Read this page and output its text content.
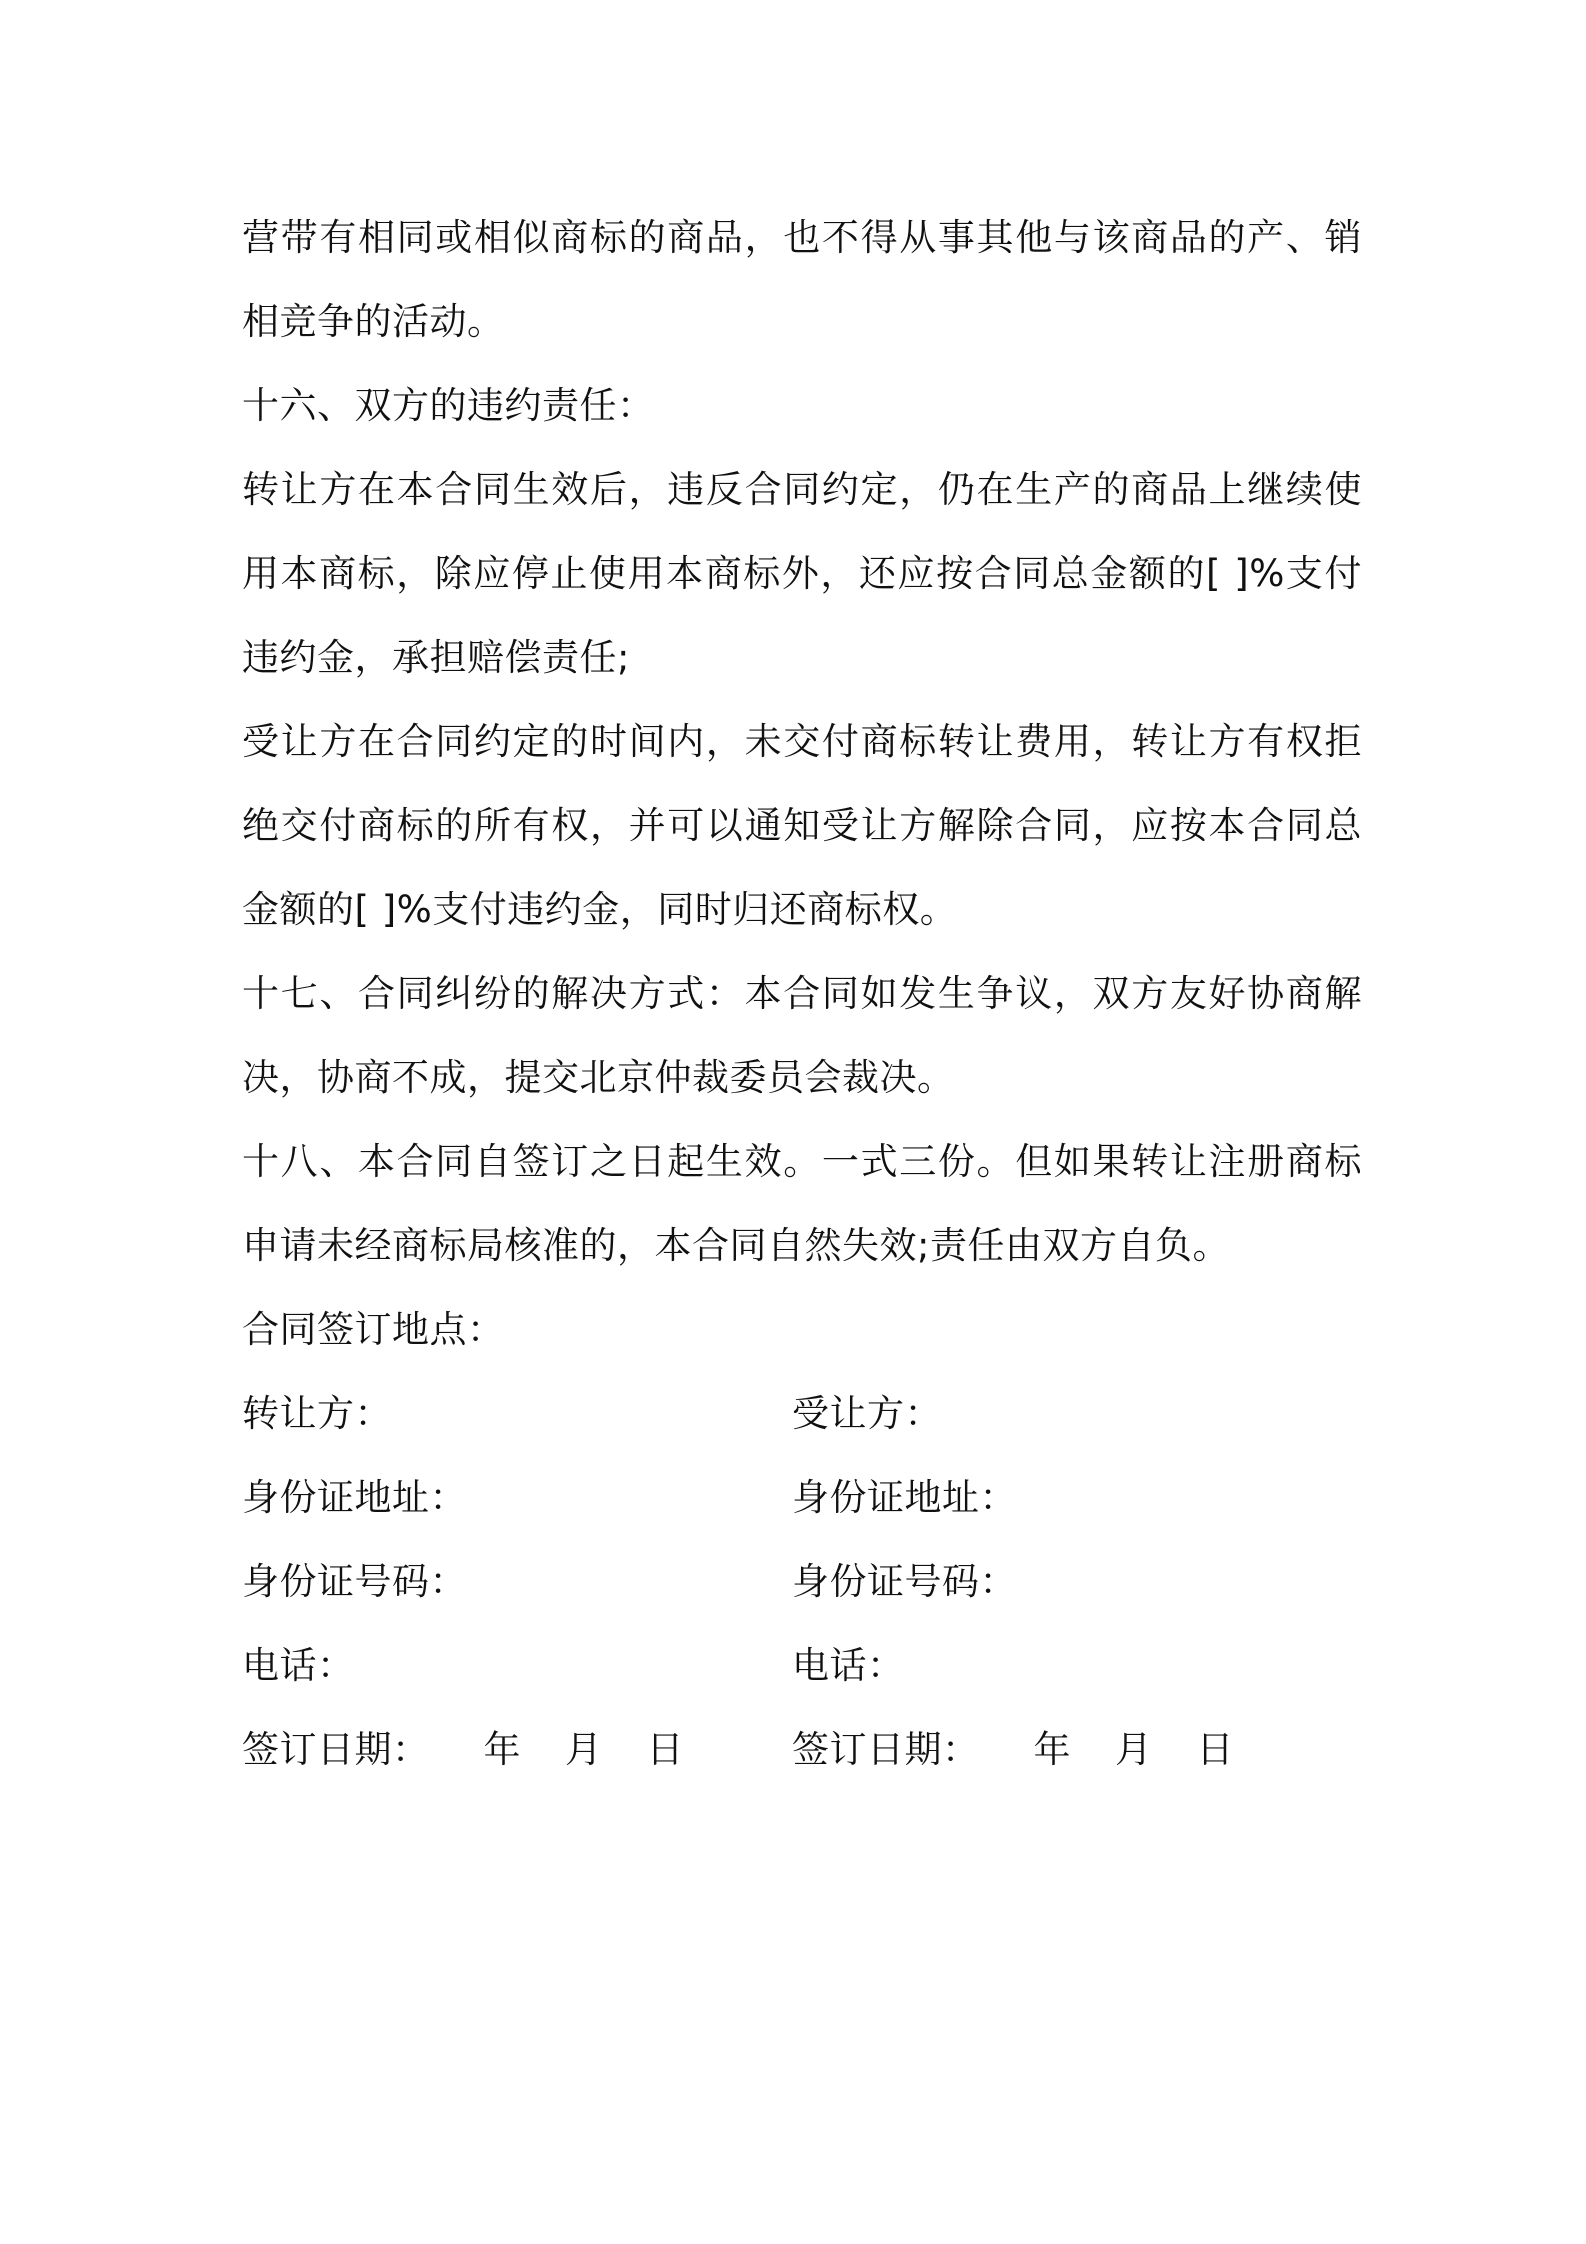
营带有相同或相似商标的商品，也不得从事其他与该商品的产、销相竞争的活动。

十六、双方的违约责任：

转让方在本合同生效后，违反合同约定，仍在生产的商品上继续使用本商标，除应停止使用本商标外，还应按合同总金额的[ ]%支付违约金，承担赔偿责任;

受让方在合同约定的时间内，未交付商标转让费用，转让方有权拒绝交付商标的所有权，并可以通知受让方解除合同，应按本合同总金额的[ ]%支付违约金，同时归还商标权。

十七、合同纠纷的解决方式：本合同如发生争议，双方友好协商解决，协商不成，提交北京仲裁委员会裁决。

十八、本合同自签订之日起生效。一式三份。但如果转让注册商标申请未经商标局核准的，本合同自然失效;责任由双方自负。

合同签订地点：

转让方：	受让方：
身份证地址：	身份证地址：
身份证号码：	身份证号码：
电话：	电话：
签订日期： 年 月 日	签订日期： 年 月 日
